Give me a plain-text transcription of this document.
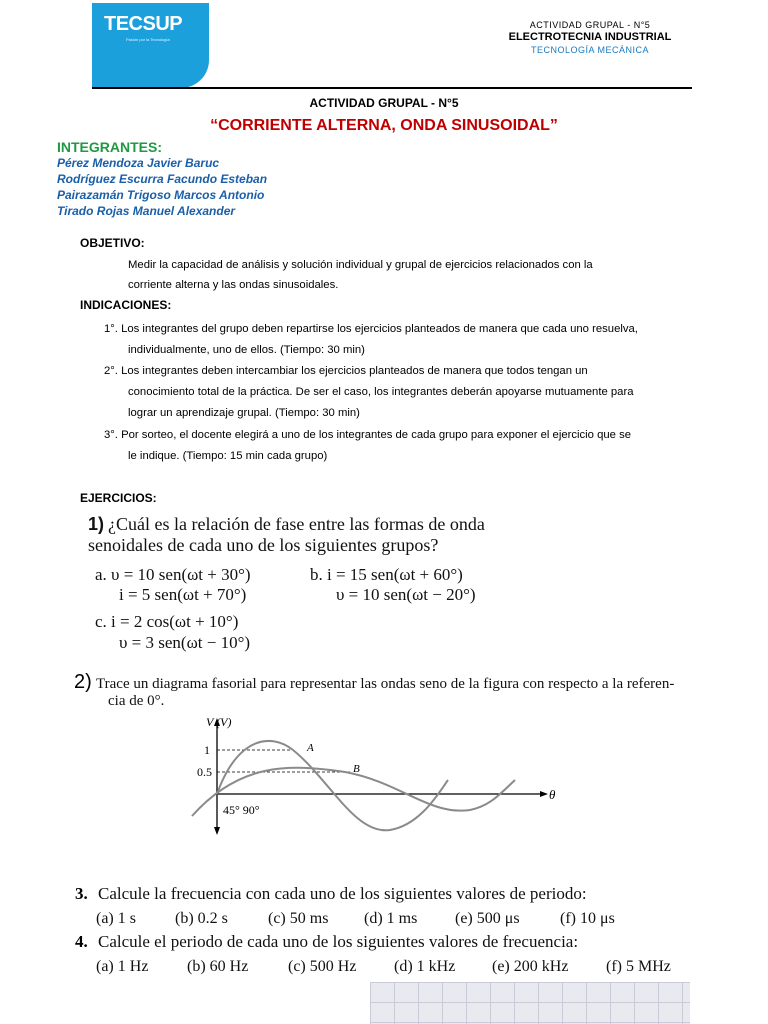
TECSUP
Pasión por la Tecnología
ACTIVIDAD GRUPAL - N°5
ELECTROTECNIA INDUSTRIAL
TECNOLOGÍA MECÁNICA
ACTIVIDAD GRUPAL - N°5
“CORRIENTE ALTERNA, ONDA SINUSOIDAL”
INTEGRANTES:
Pérez Mendoza Javier Baruc
Rodríguez Escurra Facundo Esteban
Pairazamán Trigoso Marcos Antonio
Tirado Rojas Manuel Alexander
OBJETIVO:
Medir la capacidad de análisis y solución individual y grupal de ejercicios relacionados con la
corriente alterna y las ondas sinusoidales.
INDICACIONES:
1°. Los integrantes del grupo deben repartirse los ejercicios planteados de manera que cada uno resuelva,
individualmente, uno de ellos. (Tiempo: 30 min)
2°. Los integrantes deben intercambiar los ejercicios planteados de manera que todos tengan un
conocimiento total de la práctica. De ser el caso, los integrantes deberán apoyarse mutuamente para
lograr un aprendizaje grupal. (Tiempo: 30 min)
3°. Por sorteo, el docente elegirá a uno de los integrantes de cada grupo para exponer el ejercicio que se
le indique. (Tiempo: 15 min cada grupo)
EJERCICIOS:
1) ¿Cuál es la relación de fase entre las formas de onda
senoidales de cada uno de los siguientes grupos?
a. υ = 10 sen(ωt + 30°)
i = 5 sen(ωt + 70°)
b. i = 15 sen(ωt + 60°)
υ = 10 sen(ωt − 20°)
c. i = 2 cos(ωt + 10°)
υ = 3 sen(ωt − 10°)
2) Trace un diagrama fasorial para representar las ondas seno de la figura con respecto a la referen-
cia de 0°.
V (V)
1
0.5
A
B
θ
45° 90°
3. Calcule la frecuencia con cada uno de los siguientes valores de periodo:
(a) 1 s (b) 0.2 s	(c) 50 ms (d) 1 ms (e) 500 μs	(f) 10 μs
4. Calcule el periodo de cada uno de los siguientes valores de frecuencia:
(a) 1 Hz (b) 60 Hz (c) 500 Hz (d) 1 kHz (e) 200 kHz (f) 5 MHz
